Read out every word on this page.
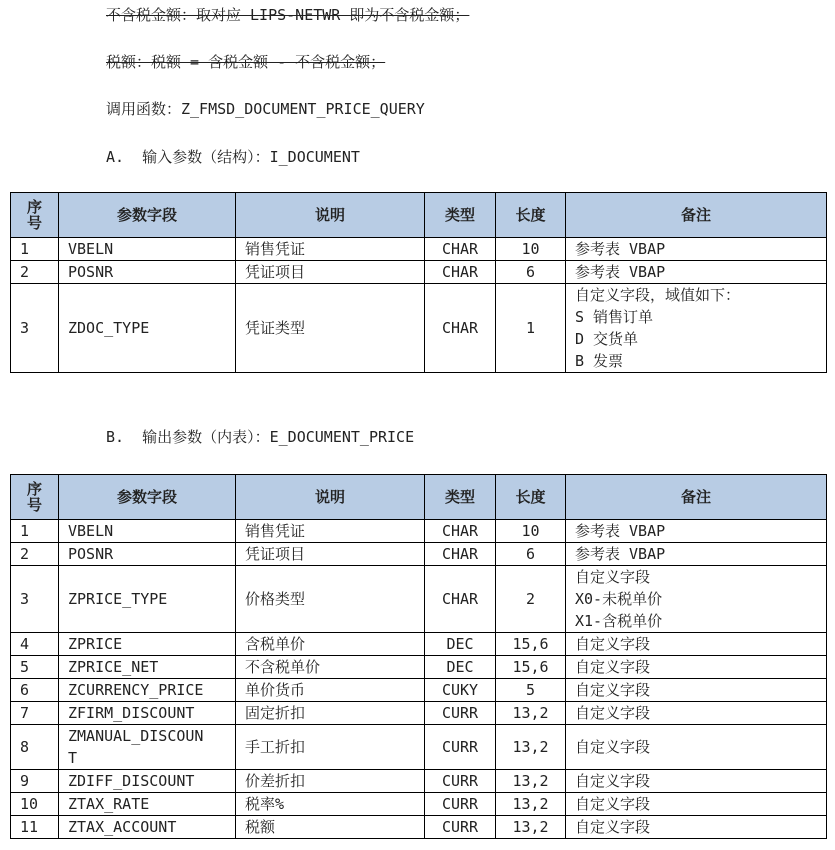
不含税金额：取对应 LIPS-NETWR 即为不含税金额；
税额：税额 = 含税金额 - 不含税金额；
调用函数：Z_FMSD_DOCUMENT_PRICE_QUERY
A.  输入参数（结构）：I_DOCUMENT
序
号	参数字段	说明	类型	长度	备注
1	VBELN	销售凭证	CHAR	10	参考表 VBAP

2	POSNR	凭证项目	CHAR	6	参考表 VBAP

3	ZDOC_TYPE	凭证类型	CHAR	1	自定义字段，域值如下：
S 销售订单
D 交货单
B 发票
B.  输出参数（内表）：E_DOCUMENT_PRICE
序
号	参数字段	说明	类型	长度	备注
1	VBELN	销售凭证	CHAR	10	参考表 VBAP

2	POSNR	凭证项目	CHAR	6	参考表 VBAP

3	ZPRICE_TYPE	价格类型	CHAR	2	自定义字段
X0-未税单价
X1-含税单价

4	ZPRICE	含税单价	DEC	15,6	自定义字段

5	ZPRICE_NET	不含税单价	DEC	15,6	自定义字段

6	ZCURRENCY_PRICE	单价货币	CUKY	5	自定义字段

7	ZFIRM_DISCOUNT	固定折扣	CURR	13,2	自定义字段

8	ZMANUAL_DISCOUN
T	手工折扣	CURR	13,2	自定义字段

9	ZDIFF_DISCOUNT	价差折扣	CURR	13,2	自定义字段

10	ZTAX_RATE	税率%	CURR	13,2	自定义字段

11	ZTAX_ACCOUNT	税额	CURR	13,2	自定义字段
